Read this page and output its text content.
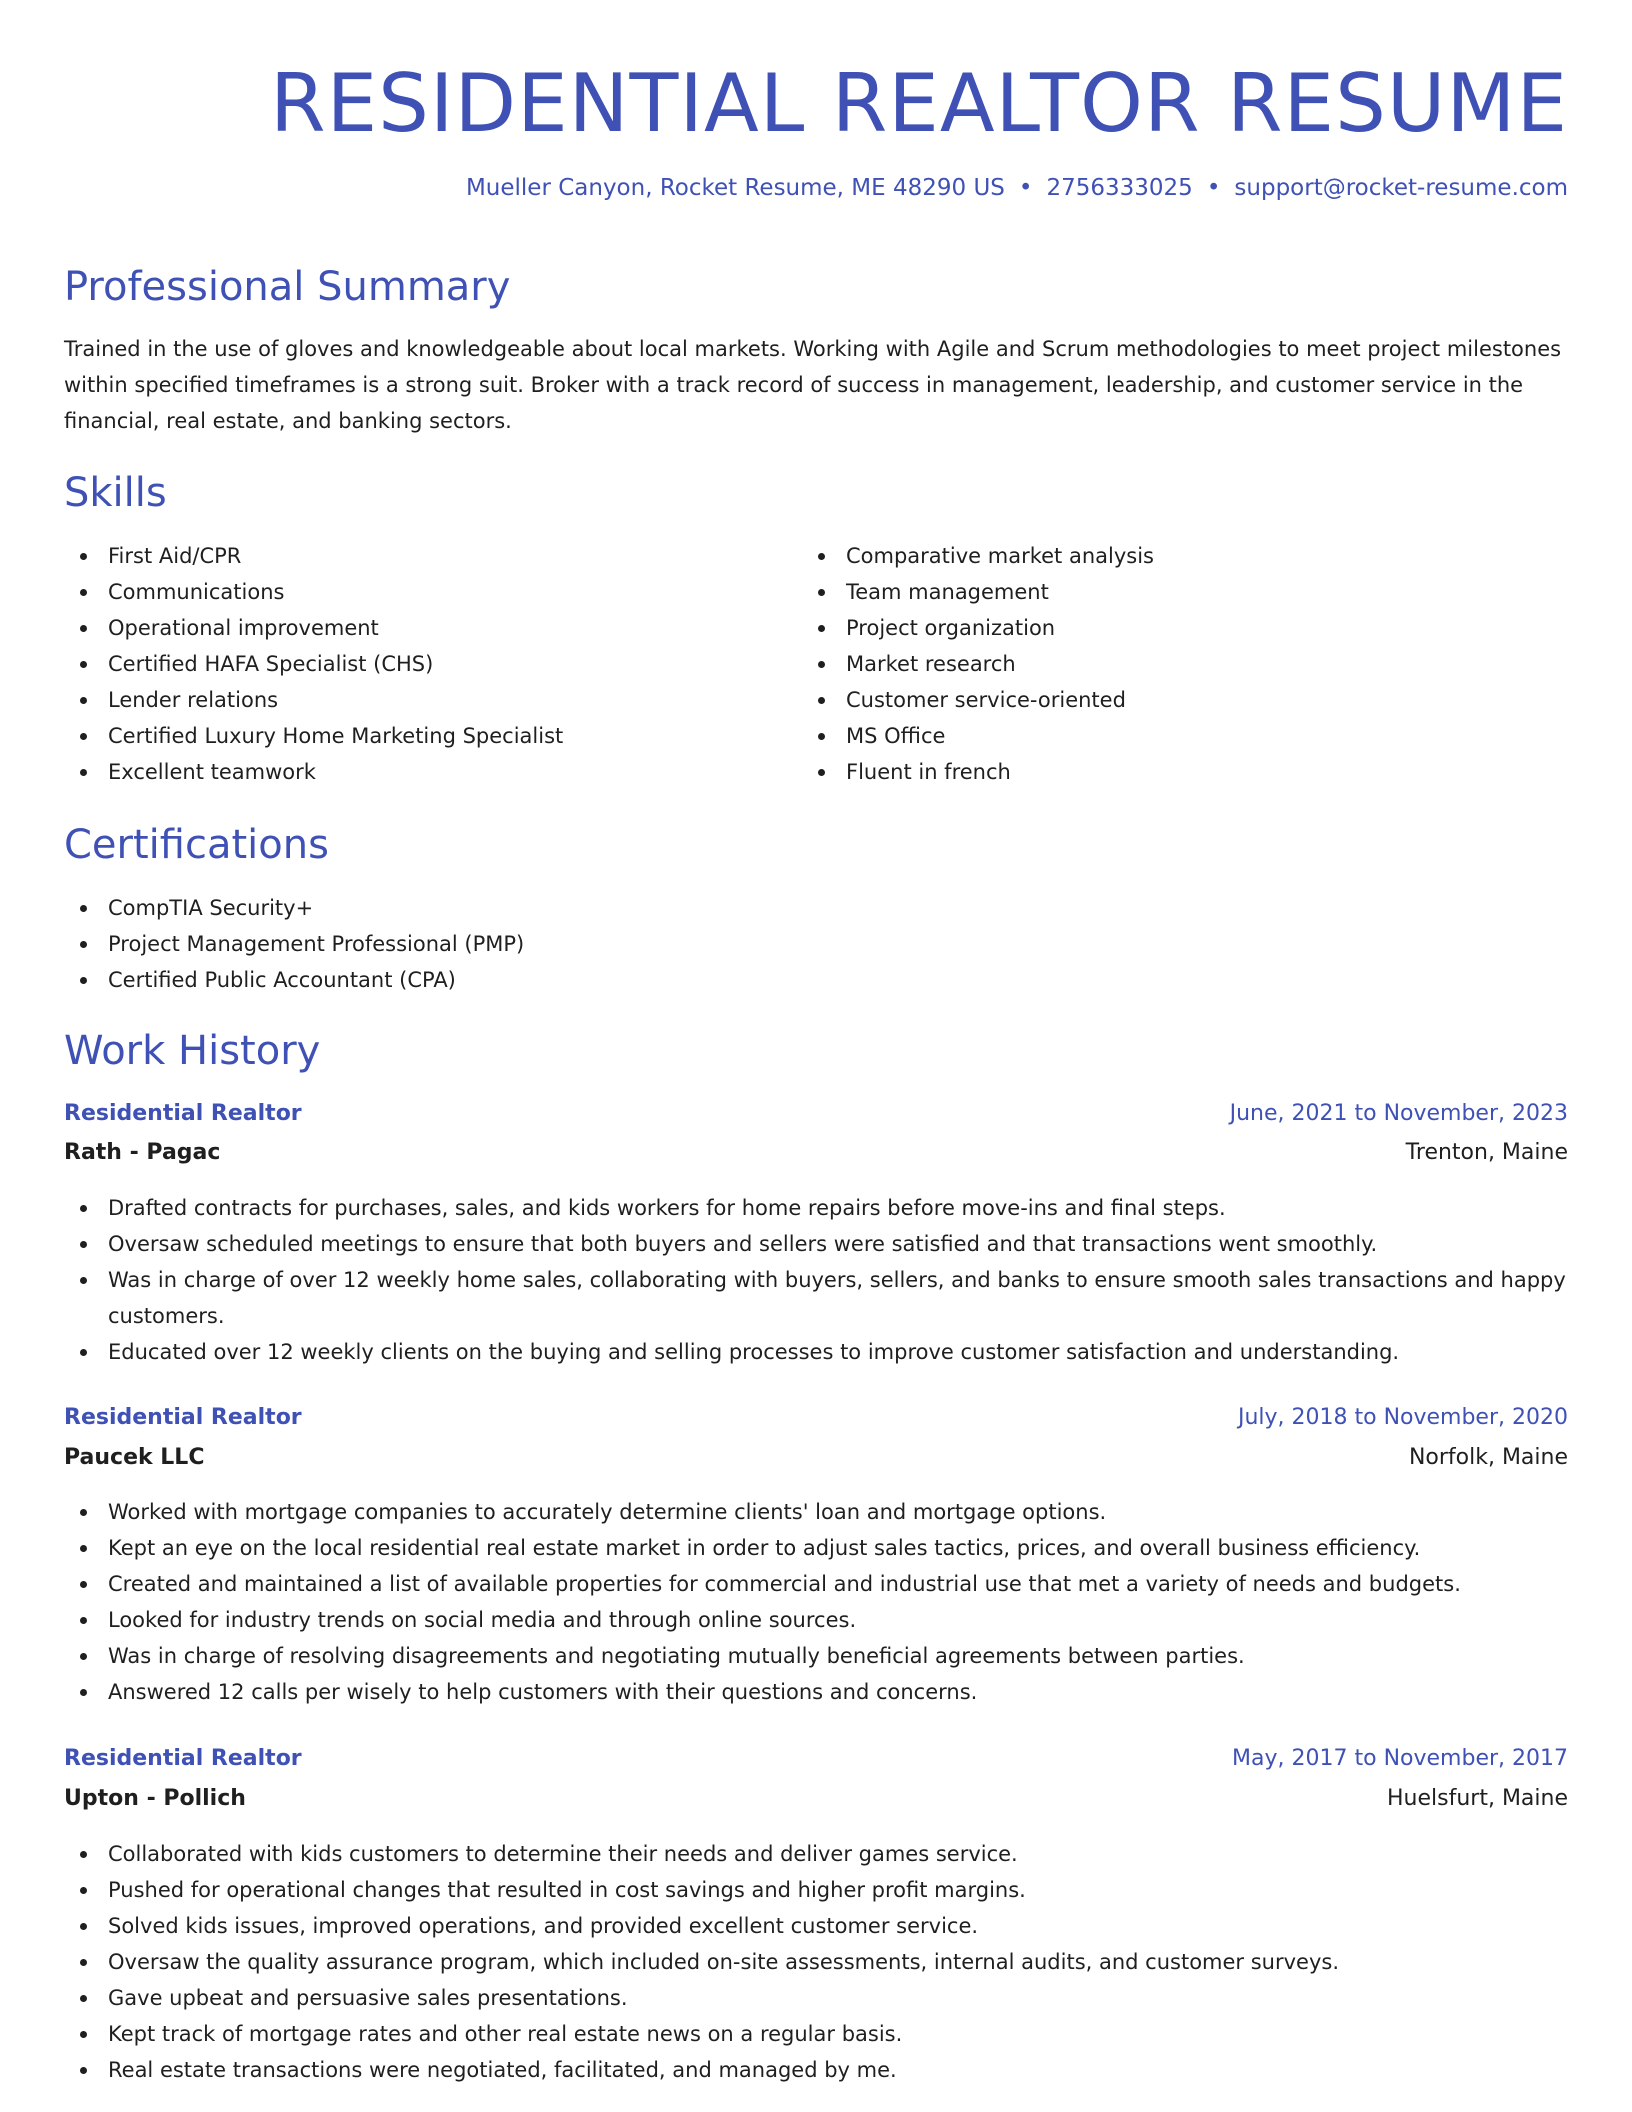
RESIDENTIAL REALTOR RESUME
Mueller Canyon, Rocket Resume, ME 48290 US • 2756333025 • support@rocket-resume.com
Professional Summary

Trained in the use of gloves and knowledgeable about local markets. Working with Agile and Scrum methodologies to meet project milestones within specified timeframes is a strong suit. Broker with a track record of success in management, leadership, and customer service in the financial, real estate, and banking sectors.

Skills
First Aid/CPR
Communications
Operational improvement
Certified HAFA Specialist (CHS)
Lender relations
Certified Luxury Home Marketing Specialist
Excellent teamwork
Comparative market analysis
Team management
Project organization
Market research
Customer service-oriented
MS Office
Fluent in french
Certifications
CompTIA Security+
Project Management Professional (PMP)
Certified Public Accountant (CPA)
Work History
Residential Realtor	June, 2021 to November, 2023
Rath - Pagac	Trenton, Maine
Drafted contracts for purchases, sales, and kids workers for home repairs before move-ins and final steps.
Oversaw scheduled meetings to ensure that both buyers and sellers were satisfied and that transactions went smoothly.
Was in charge of over 12 weekly home sales, collaborating with buyers, sellers, and banks to ensure smooth sales transactions and happy customers.
Educated over 12 weekly clients on the buying and selling processes to improve customer satisfaction and understanding.
Residential Realtor	July, 2018 to November, 2020
Paucek LLC	Norfolk, Maine
Worked with mortgage companies to accurately determine clients' loan and mortgage options.
Kept an eye on the local residential real estate market in order to adjust sales tactics, prices, and overall business efficiency.
Created and maintained a list of available properties for commercial and industrial use that met a variety of needs and budgets.
Looked for industry trends on social media and through online sources.
Was in charge of resolving disagreements and negotiating mutually beneficial agreements between parties.
Answered 12 calls per wisely to help customers with their questions and concerns.
Residential Realtor	May, 2017 to November, 2017
Upton - Pollich	Huelsfurt, Maine
Collaborated with kids customers to determine their needs and deliver games service.
Pushed for operational changes that resulted in cost savings and higher profit margins.
Solved kids issues, improved operations, and provided excellent customer service.
Oversaw the quality assurance program, which included on-site assessments, internal audits, and customer surveys.
Gave upbeat and persuasive sales presentations.
Kept track of mortgage rates and other real estate news on a regular basis.
Real estate transactions were negotiated, facilitated, and managed by me.
